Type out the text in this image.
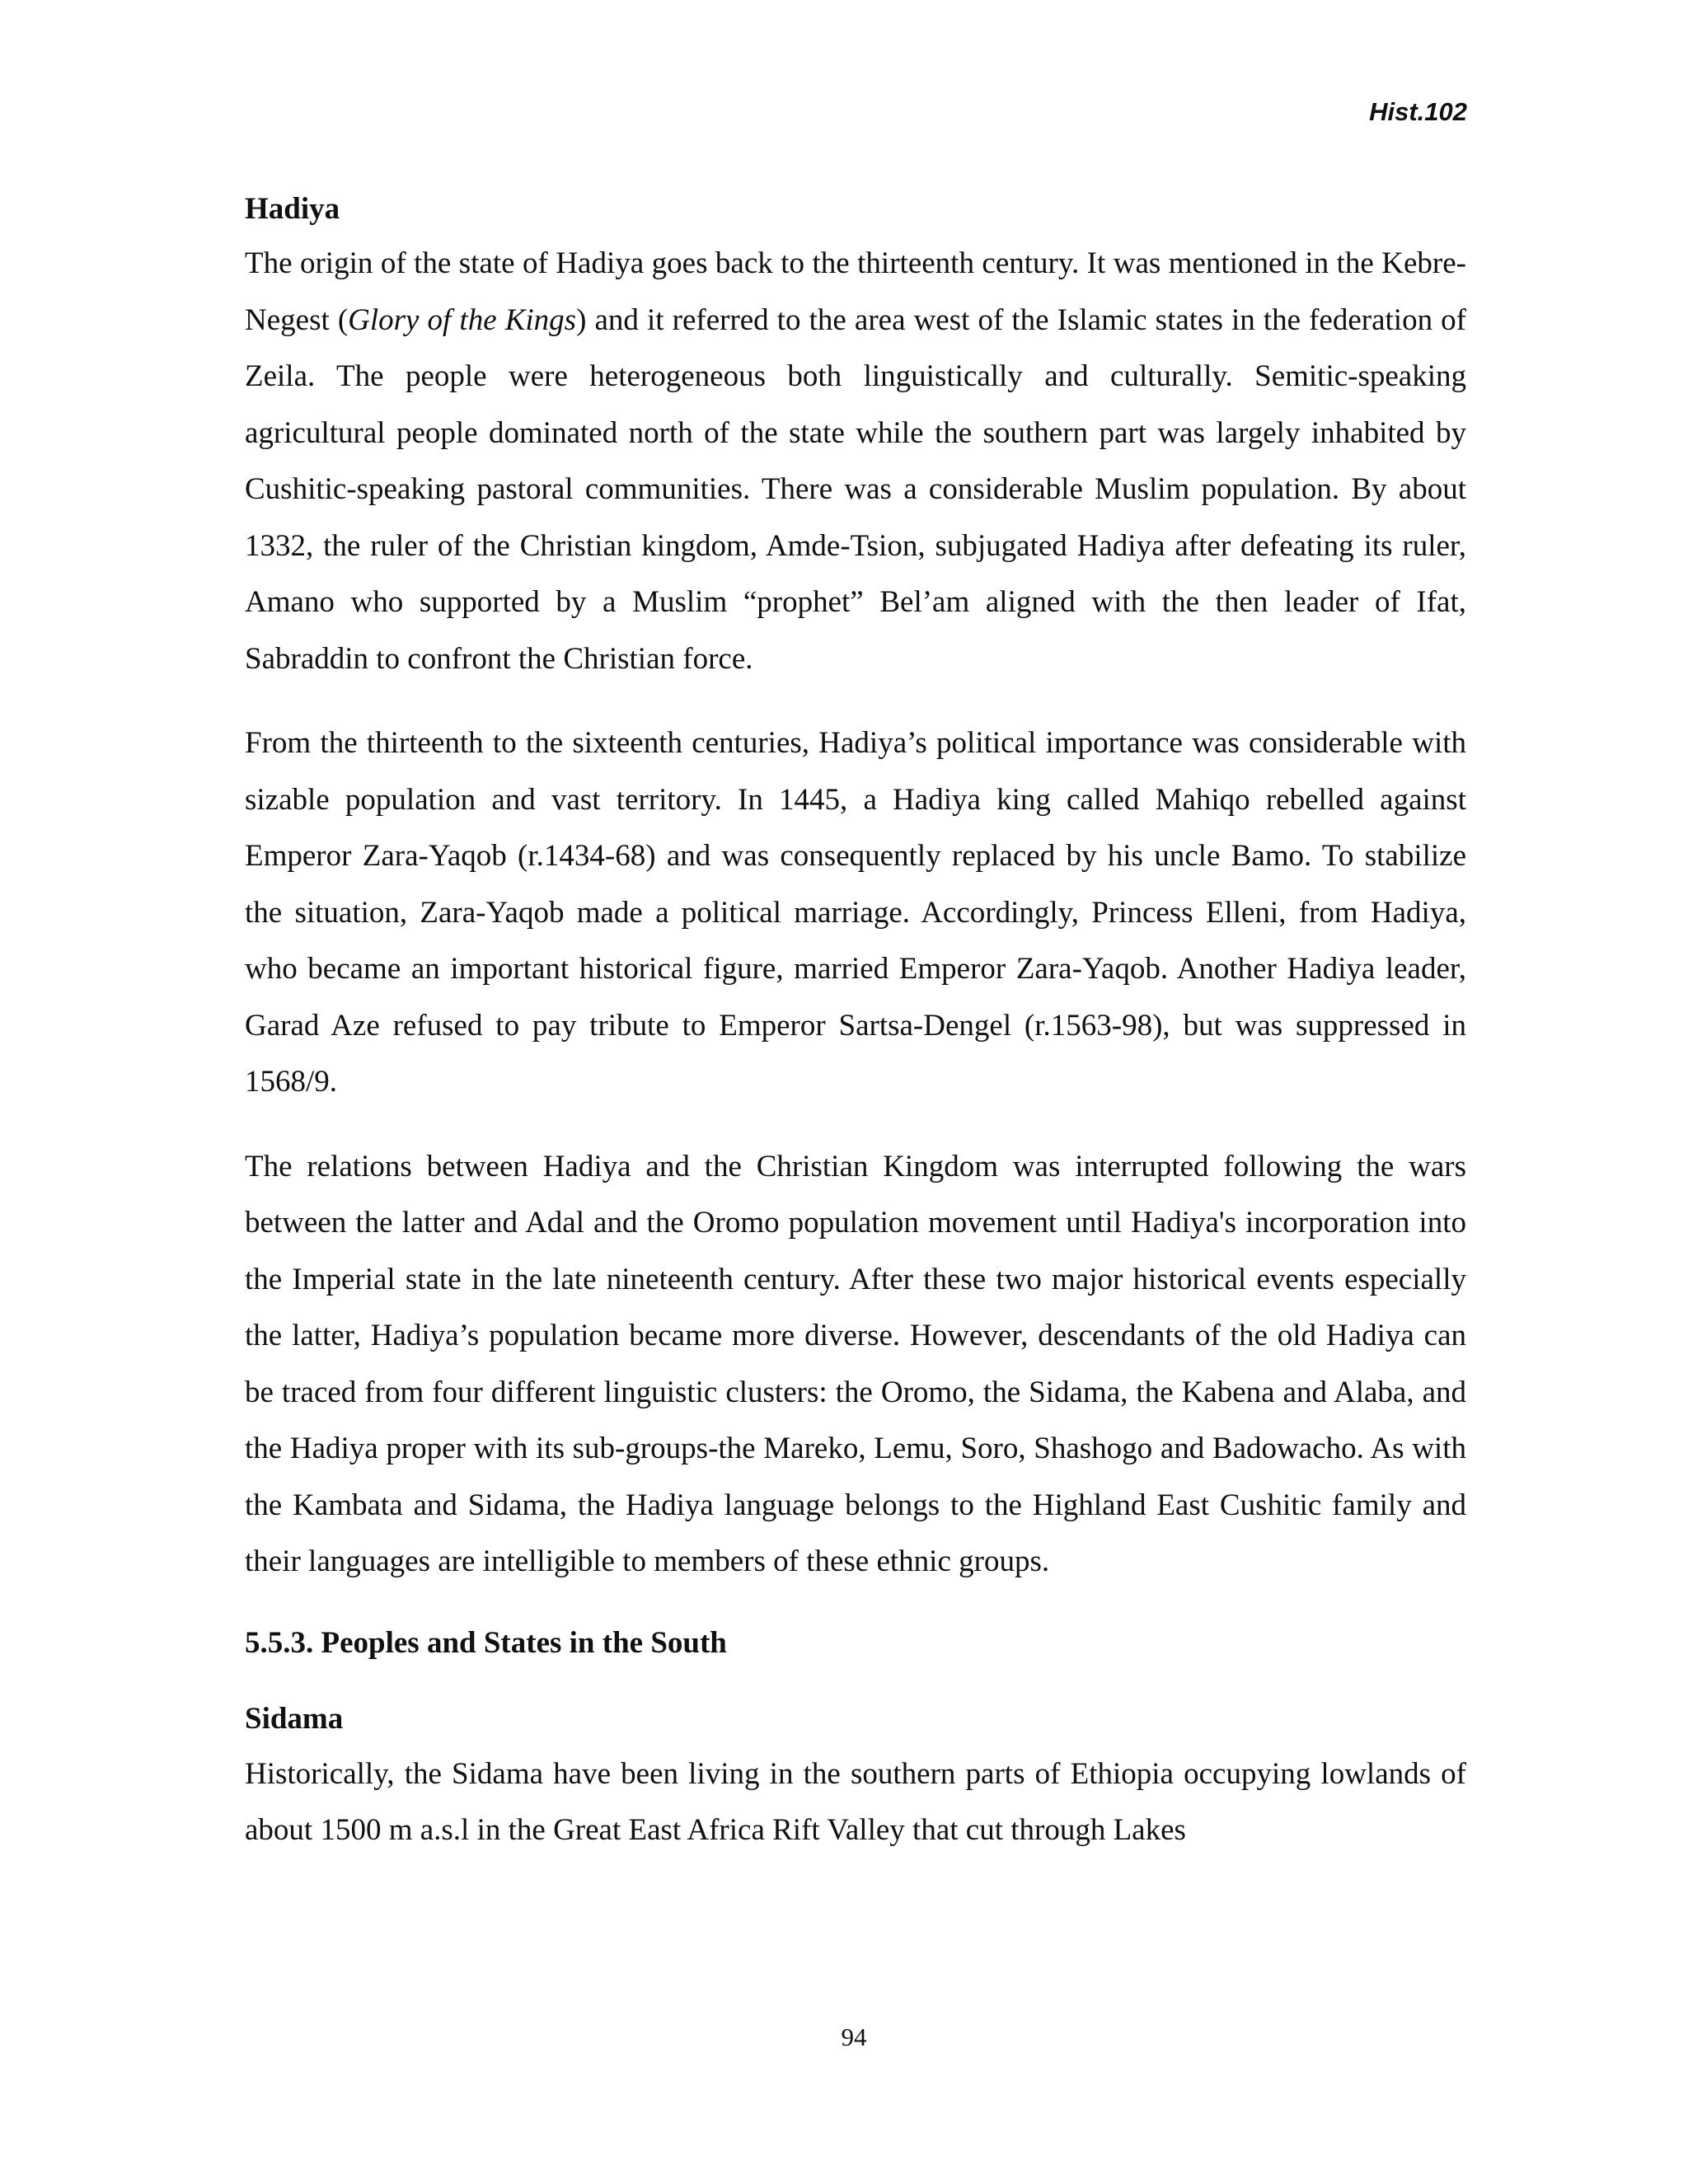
Hist.102
Hadiya

The origin of the state of Hadiya goes back to the thirteenth century. It was mentioned in the Kebre-Negest (Glory of the Kings) and it referred to the area west of the Islamic states in the federation of Zeila. The people were heterogeneous both linguistically and culturally. Semitic-speaking agricultural people dominated north of the state while the southern part was largely inhabited by Cushitic-speaking pastoral communities. There was a considerable Muslim population. By about 1332, the ruler of the Christian kingdom, Amde-Tsion, subjugated Hadiya after defeating its ruler, Amano who supported by a Muslim “prophet” Bel’am aligned with the then leader of Ifat, Sabraddin to confront the Christian force.

From the thirteenth to the sixteenth centuries, Hadiya’s political importance was considerable with sizable population and vast territory. In 1445, a Hadiya king called Mahiqo rebelled against Emperor Zara-Yaqob (r.1434-68) and was consequently replaced by his uncle Bamo. To stabilize the situation, Zara-Yaqob made a political marriage. Accordingly, Princess Elleni, from Hadiya, who became an important historical figure, married Emperor Zara-Yaqob. Another Hadiya leader, Garad Aze refused to pay tribute to Emperor Sartsa-Dengel (r.1563-98), but was suppressed in 1568/9.

The relations between Hadiya and the Christian Kingdom was interrupted following the wars between the latter and Adal and the Oromo population movement until Hadiya's incorporation into the Imperial state in the late nineteenth century. After these two major historical events especially the latter, Hadiya’s population became more diverse. However, descendants of the old Hadiya can be traced from four different linguistic clusters: the Oromo, the Sidama, the Kabena and Alaba, and the Hadiya proper with its sub-groups-the Mareko, Lemu, Soro, Shashogo and Badowacho. As with the Kambata and Sidama, the Hadiya language belongs to the Highland East Cushitic family and their languages are intelligible to members of these ethnic groups.

5.5.3. Peoples and States in the South
Sidama

Historically, the Sidama have been living in the southern parts of Ethiopia occupying lowlands of about 1500 m a.s.l in the Great East Africa Rift Valley that cut through Lakes

94
